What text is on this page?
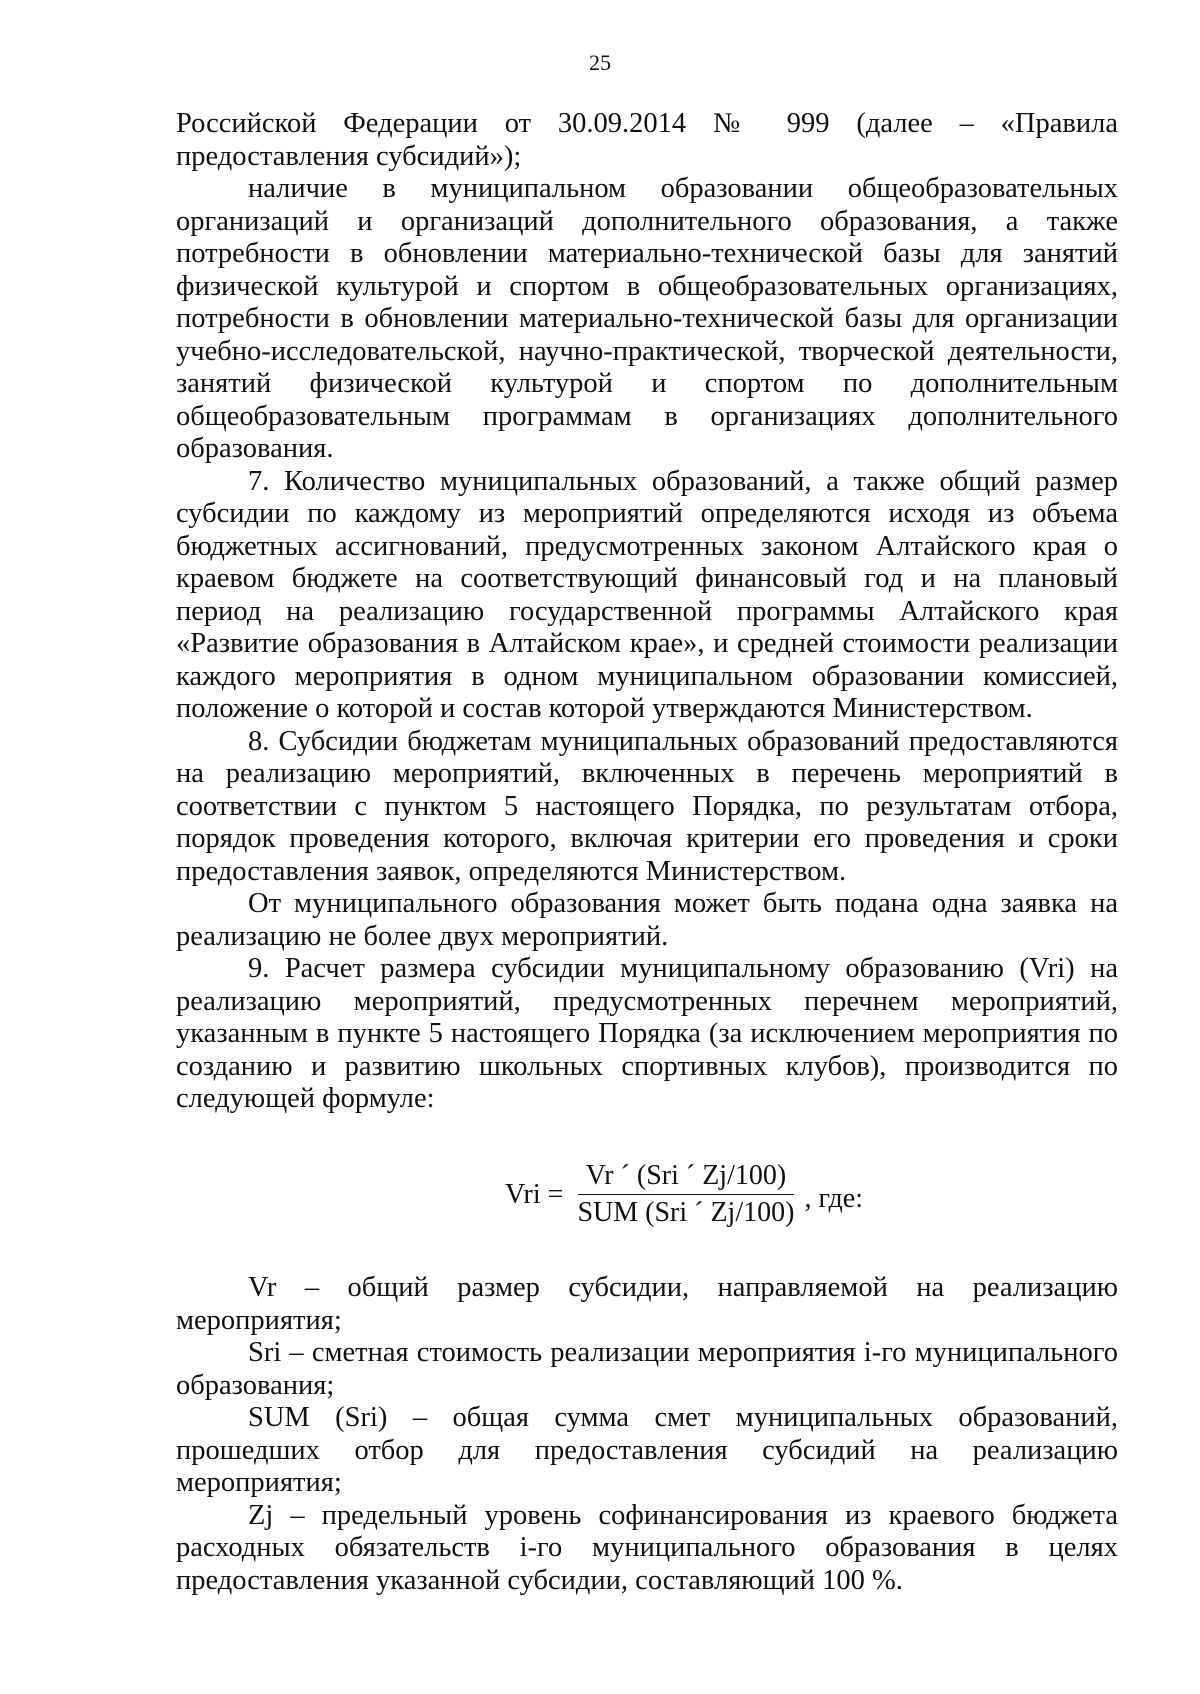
25

Российской Федерации от 30.09.2014 № 999 (далее – «Правила предоставления субсидий»);

наличие в муниципальном образовании общеобразовательных организаций и организаций дополнительного образования, а также потребности в обновлении материально-технической базы для занятий физической культурой и спортом в общеобразовательных организациях, потребности в обновлении материально-технической базы для организации учебно-исследовательской, научно-практической, творческой деятельности, занятий физической культурой и спортом по дополнительным общеобразовательным программам в организациях дополнительного образования.

7. Количество муниципальных образований, а также общий размер субсидии по каждому из мероприятий определяются исходя из объема бюджетных ассигнований, предусмотренных законом Алтайского края о краевом бюджете на соответствующий финансовый год и на плановый период на реализацию государственной программы Алтайского края «Развитие образования в Алтайском крае», и средней стоимости реализации каждого мероприятия в одном муниципальном образовании комиссией, положение о которой и состав которой утверждаются Министерством.

8. Субсидии бюджетам муниципальных образований предоставляются на реализацию мероприятий, включенных в перечень мероприятий в соответствии с пунктом 5 настоящего Порядка, по результатам отбора, порядок проведения которого, включая критерии его проведения и сроки предоставления заявок, определяются Министерством.

От муниципального образования может быть подана одна заявка на реализацию не более двух мероприятий.

9. Расчет размера субсидии муниципальному образованию (Vri) на реализацию мероприятий, предусмотренных перечнем мероприятий, указанным в пункте 5 настоящего Порядка (за исключением мероприятия по созданию и развитию школьных спортивных клубов), производится по следующей формуле:

Vri = $\frac{\text{Vr ´ (Sri ´ Zj/100)}}{\text{SUM (Sri ´ Zj/100)}}$ , где:

Vr – общий размер субсидии, направляемой на реализацию мероприятия;

Sri – сметная стоимость реализации мероприятия i-го муниципального образования;

SUM (Sri) – общая сумма смет муниципальных образований, прошедших отбор для предоставления субсидий на реализацию мероприятия;

Zj – предельный уровень софинансирования из краевого бюджета расходных обязательств i-го муниципального образования в целях предоставления указанной субсидии, составляющий 100 %.
